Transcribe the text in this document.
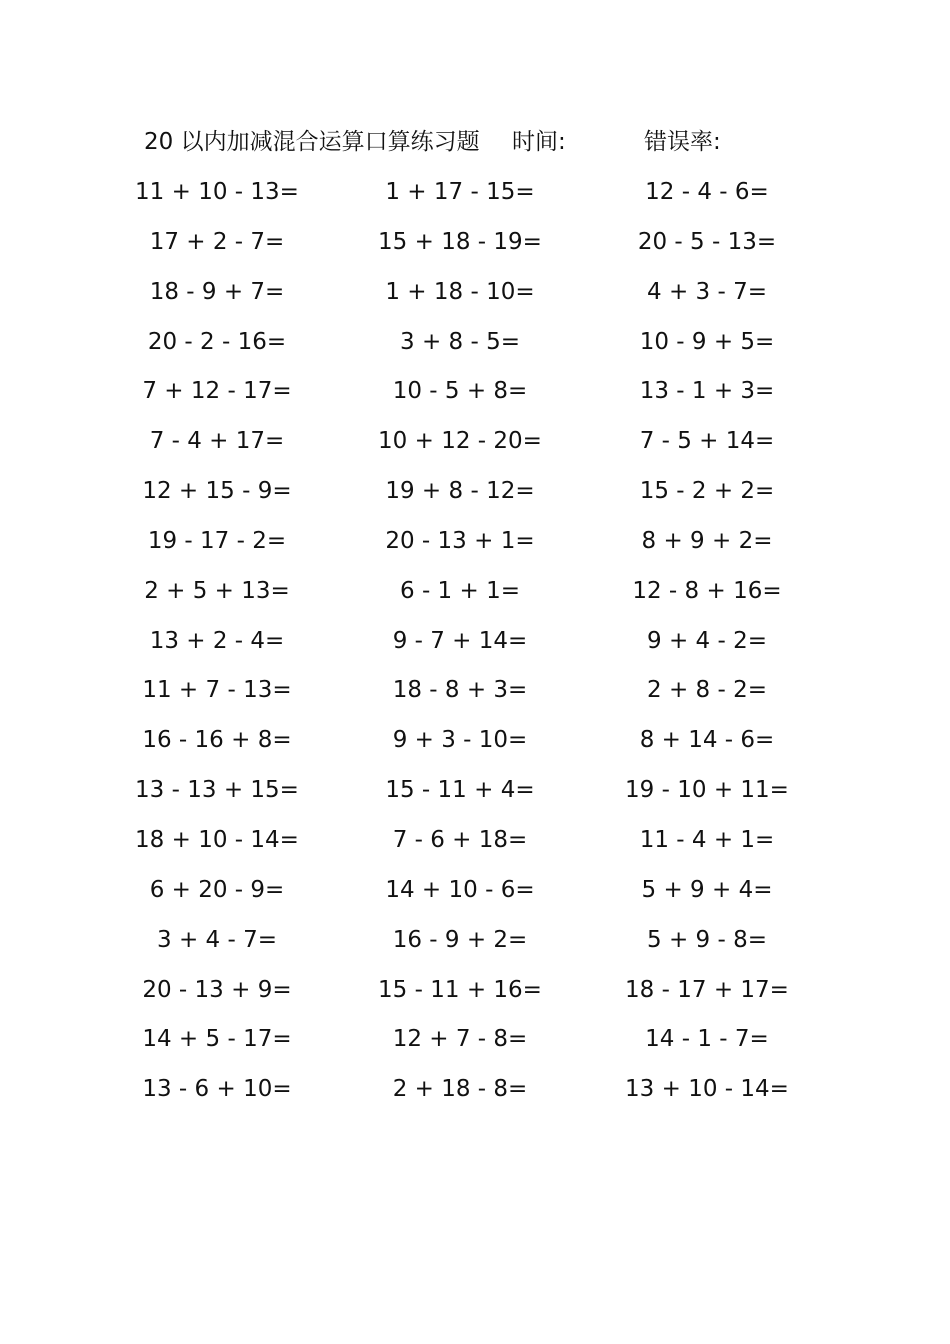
20 以内加减混合运算口算练习题 时间:	错误率:
11 + 10 - 13=	1 + 17 - 15=	12 - 4 - 6=
17 + 2 - 7=	15 + 18 - 19=	20 - 5 - 13=
18 - 9 + 7=	1 + 18 - 10=	4 + 3 - 7=
20 - 2 - 16=	3 + 8 - 5=	10 - 9 + 5=
7 + 12 - 17=	10 - 5 + 8=	13 - 1 + 3=
7 - 4 + 17=	10 + 12 - 20=	7 - 5 + 14=
12 + 15 - 9=	19 + 8 - 12=	15 - 2 + 2=
19 - 17 - 2=	20 - 13 + 1=	8 + 9 + 2=
2 + 5 + 13=	6 - 1 + 1=	12 - 8 + 16=
13 + 2 - 4=	9 - 7 + 14=	9 + 4 - 2=
11 + 7 - 13=	18 - 8 + 3=	2 + 8 - 2=
16 - 16 + 8=	9 + 3 - 10=	8 + 14 - 6=
13 - 13 + 15=	15 - 11 + 4=	19 - 10 + 11=
18 + 10 - 14=	7 - 6 + 18=	11 - 4 + 1=
6 + 20 - 9=	14 + 10 - 6=	5 + 9 + 4=
3 + 4 - 7=	16 - 9 + 2=	5 + 9 - 8=
20 - 13 + 9=	15 - 11 + 16=	18 - 17 + 17=
14 + 5 - 17=	12 + 7 - 8=	14 - 1 - 7=
13 - 6 + 10=	2 + 18 - 8=	13 + 10 - 14=
